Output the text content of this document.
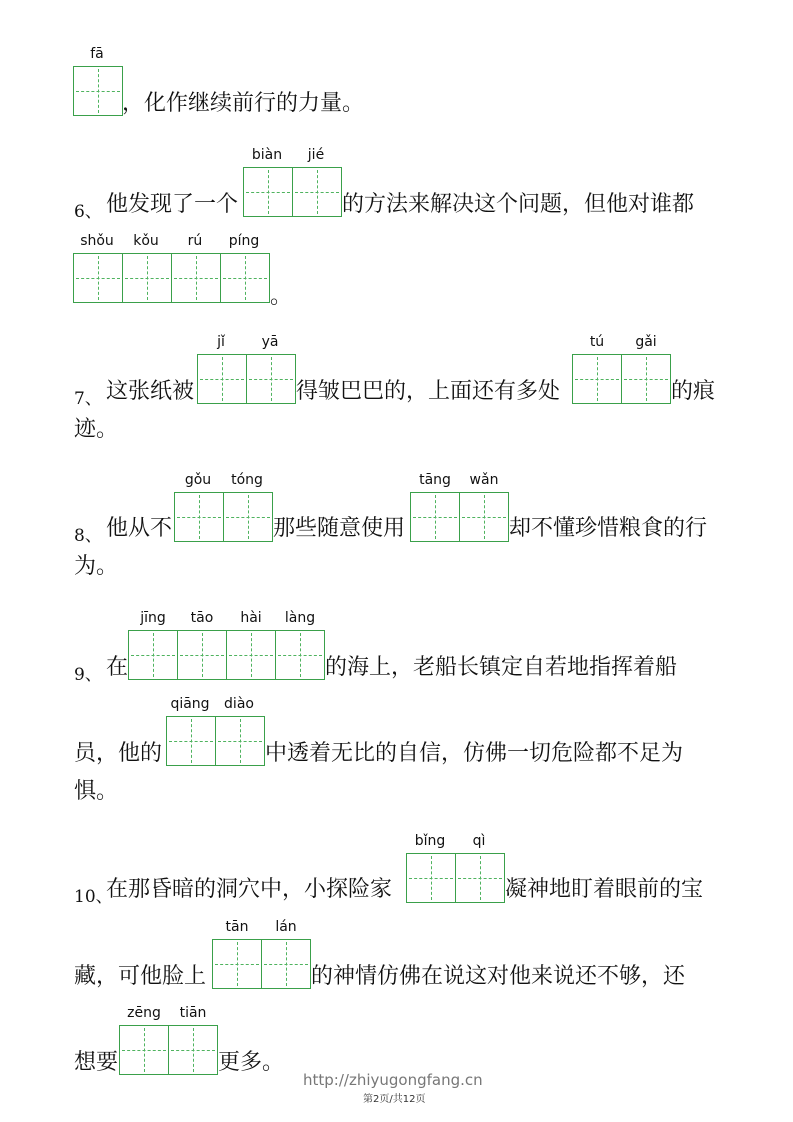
fā
，化作继续前行的力量。
6、 他发现了一个
biàn jié
的方法来解决这个问题，但他对谁都
shǒu kǒu rú píng
。
7、 这张纸被
jǐ	yā
得皱巴巴的，上面还有多处
tú gǎi
的痕
迹。
8、 他从不
gǒu tóng
那些随意使用
tāng wǎn
却不懂珍惜粮食的行
为。
9、 在
jīng tāo hài làng
的海上，老船长镇定自若地指挥着船
员，他的
qiāng diào
中透着无比的自信，仿佛一切危险都不足为
惧。
10、
在那昏暗的洞穴中，小探险家
bǐng qì
凝神地盯着眼前的宝
藏，可他脸上
tān lán
的神情仿佛在说这对他来说还不够，还
想要
zēng tiān
更多。
http://zhiyugongfang.cn
第2页/共12页
